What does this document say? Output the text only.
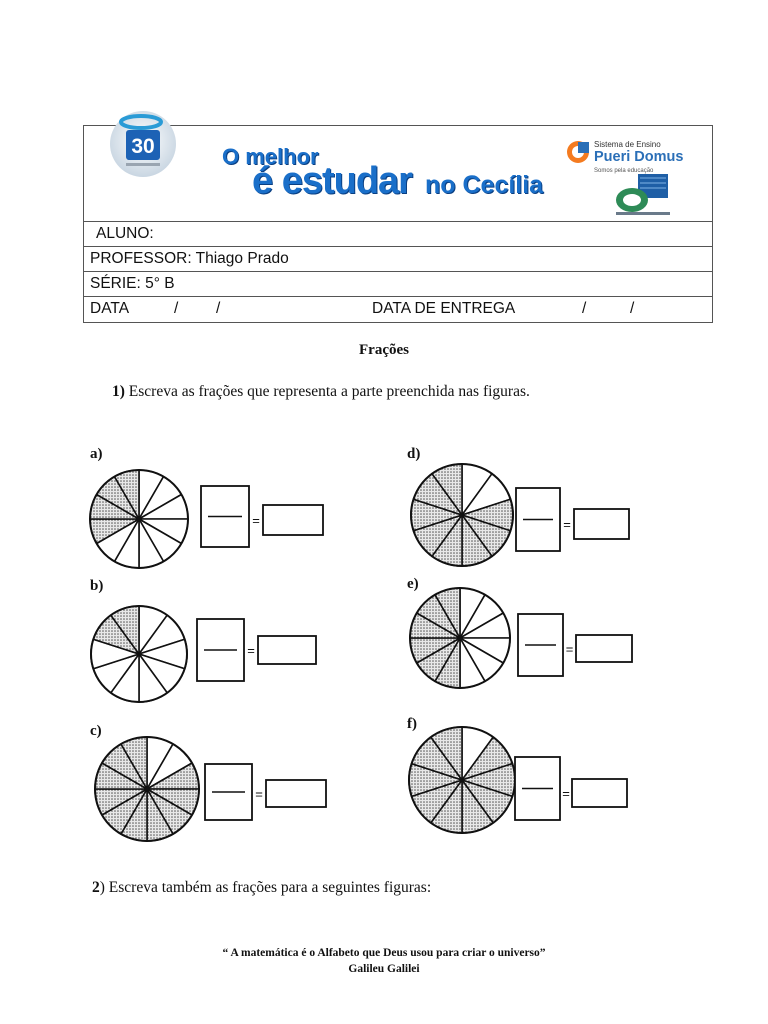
ALUNO:
PROFESSOR: Thiago Prado
SÉRIE: 5° B
DATA	/ /	DATA DE ENTREGA	/	/
30	O melhor
é estudar no Cecília
Sistema de Ensino
Pueri Domus
Somos pela educação
Frações
1) Escreva as frações que representa a parte preenchida nas figuras.
=
a)
=
b)
=
c)
=
d)
=
e)
=
f)
2) Escreva também as frações para a seguintes figuras:
“ A matemática é o Alfabeto que Deus usou para criar o universo”
Galileu Galilei
